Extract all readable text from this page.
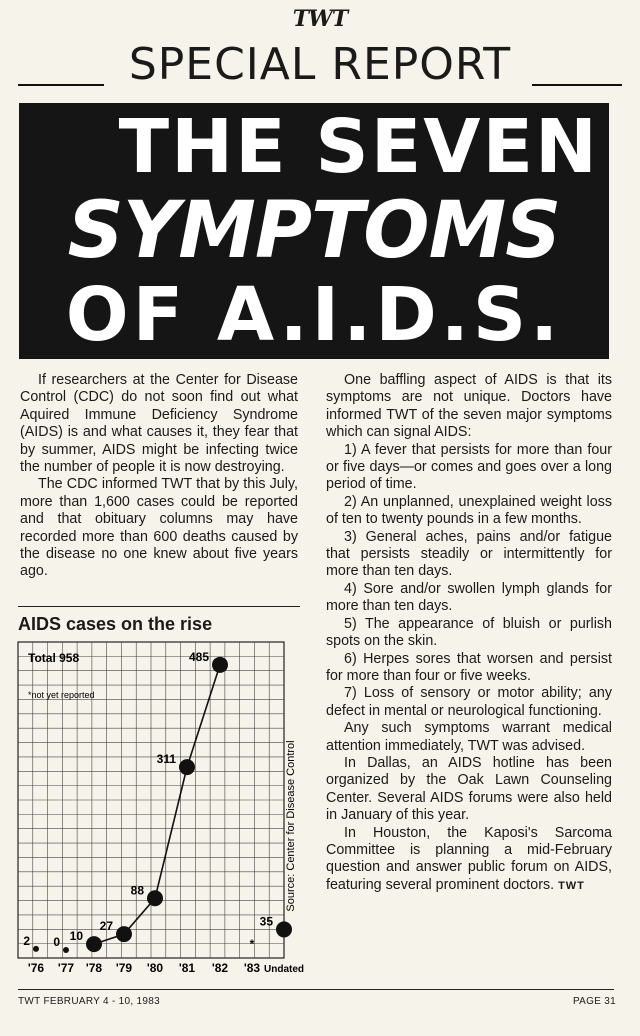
TWT
SPECIAL REPORT
THE SEVEN
SYMPTOMS
OF A.I.D.S.

If researchers at the Center for Disease Control (CDC) do not soon find out what Aquired Immune Deficiency Syndrome (AIDS) is and what causes it, they fear that by summer, AIDS might be infecting twice the number of people it is now destroying.

The CDC informed TWT that by this July, more than 1,600 cases could be reported and that obituary columns may have recorded more than 600 deaths caused by the disease no one knew about five years ago.

One baffling aspect of AIDS is that its symptoms are not unique. Doctors have informed TWT of the seven major symptoms which can signal AIDS:

1) A fever that persists for more than four or five days—or comes and goes over a long period of time.

2) An unplanned, unexplained weight loss of ten to twenty pounds in a few months.

3) General aches, pains and/or fatigue that persists steadily or intermittently for more than ten days.

4) Sore and/or swollen lymph glands for more than ten days.

5) The appearance of bluish or purlish spots on the skin.

6) Herpes sores that worsen and persist for more than four or five weeks.

7) Loss of sensory or motor ability; any defect in mental or neurological functioning.

Any such symptoms warrant medical attention immediately, TWT was advised.

In Dallas, an AIDS hotline has been organized by the Oak Lawn Counseling Center. Several AIDS forums were also held in January of this year.

In Houston, the Kaposi's Sarcoma Committee is planning a mid-February question and answer public forum on AIDS, featuring several prominent doctors. TWT

AIDS cases on the rise
2
'76
0
'77
10
'78
27
'79
88
'80
311
'81
485
'82
*
'83
35
Undated
Total 958
*not yet reported
Source: Center for Disease Control
TWT FEBRUARY 4 - 10, 1983	PAGE 31
